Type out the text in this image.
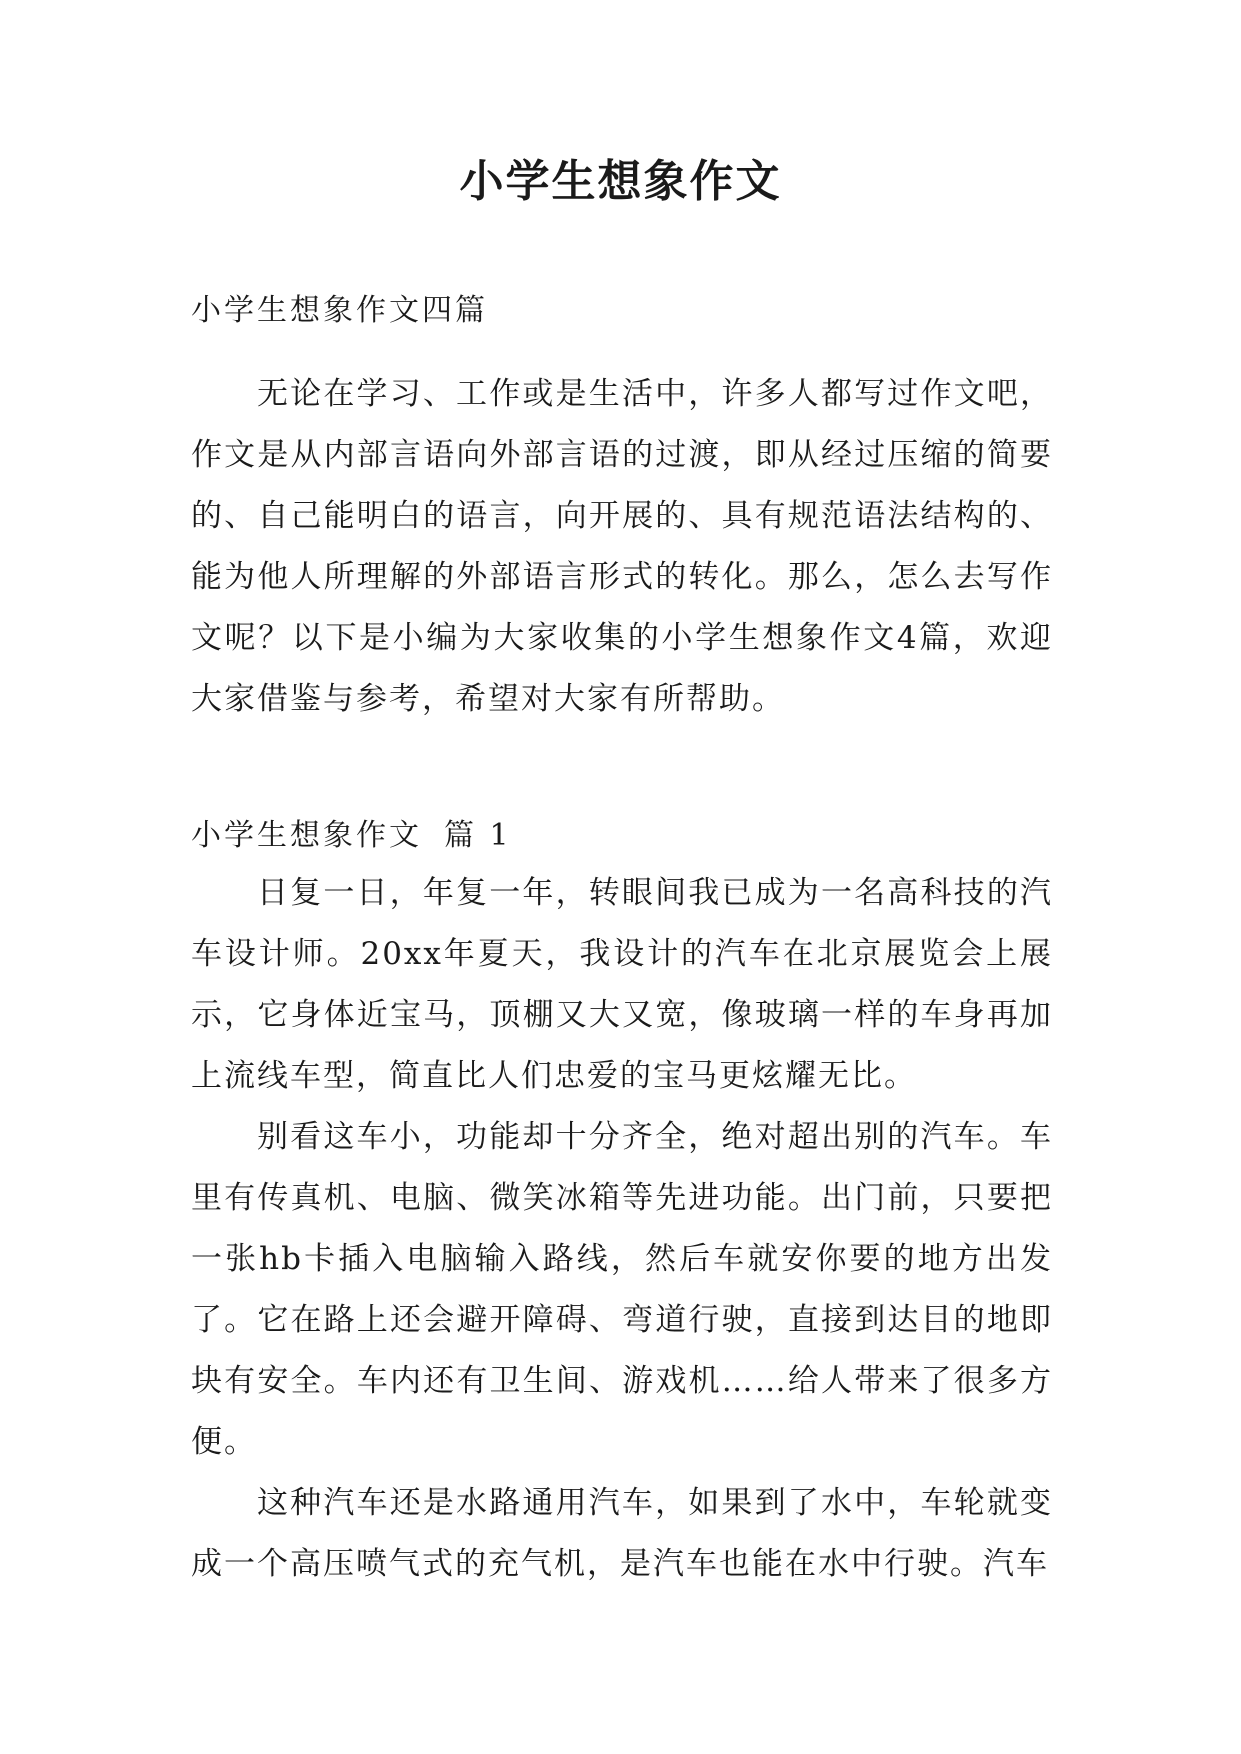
小学生想象作文

小学生想象作文四篇

无论在学习、工作或是生活中，许多人都写过作文吧，作文是从内部言语向外部言语的过渡，即从经过压缩的简要的、自己能明白的语言，向开展的、具有规范语法结构的、能为他人所理解的外部语言形式的转化。那么，怎么去写作文呢？以下是小编为大家收集的小学生想象作文4篇，欢迎大家借鉴与参考，希望对大家有所帮助。

小学生想象作文 篇 1

日复一日，年复一年，转眼间我已成为一名高科技的汽车设计师。20xx年夏天，我设计的汽车在北京展览会上展示，它身体近宝马，顶棚又大又宽，像玻璃一样的车身再加上流线车型，简直比人们忠爱的宝马更炫耀无比。

别看这车小，功能却十分齐全，绝对超出别的汽车。车里有传真机、电脑、微笑冰箱等先进功能。出门前，只要把一张hb卡插入电脑输入路线，然后车就安你要的地方出发了。它在路上还会避开障碍、弯道行驶，直接到达目的地即块有安全。车内还有卫生间、游戏机……给人带来了很多方便。

这种汽车还是水路通用汽车，如果到了水中，车轮就变成一个高压喷气式的充气机，是汽车也能在水中行驶。汽车
